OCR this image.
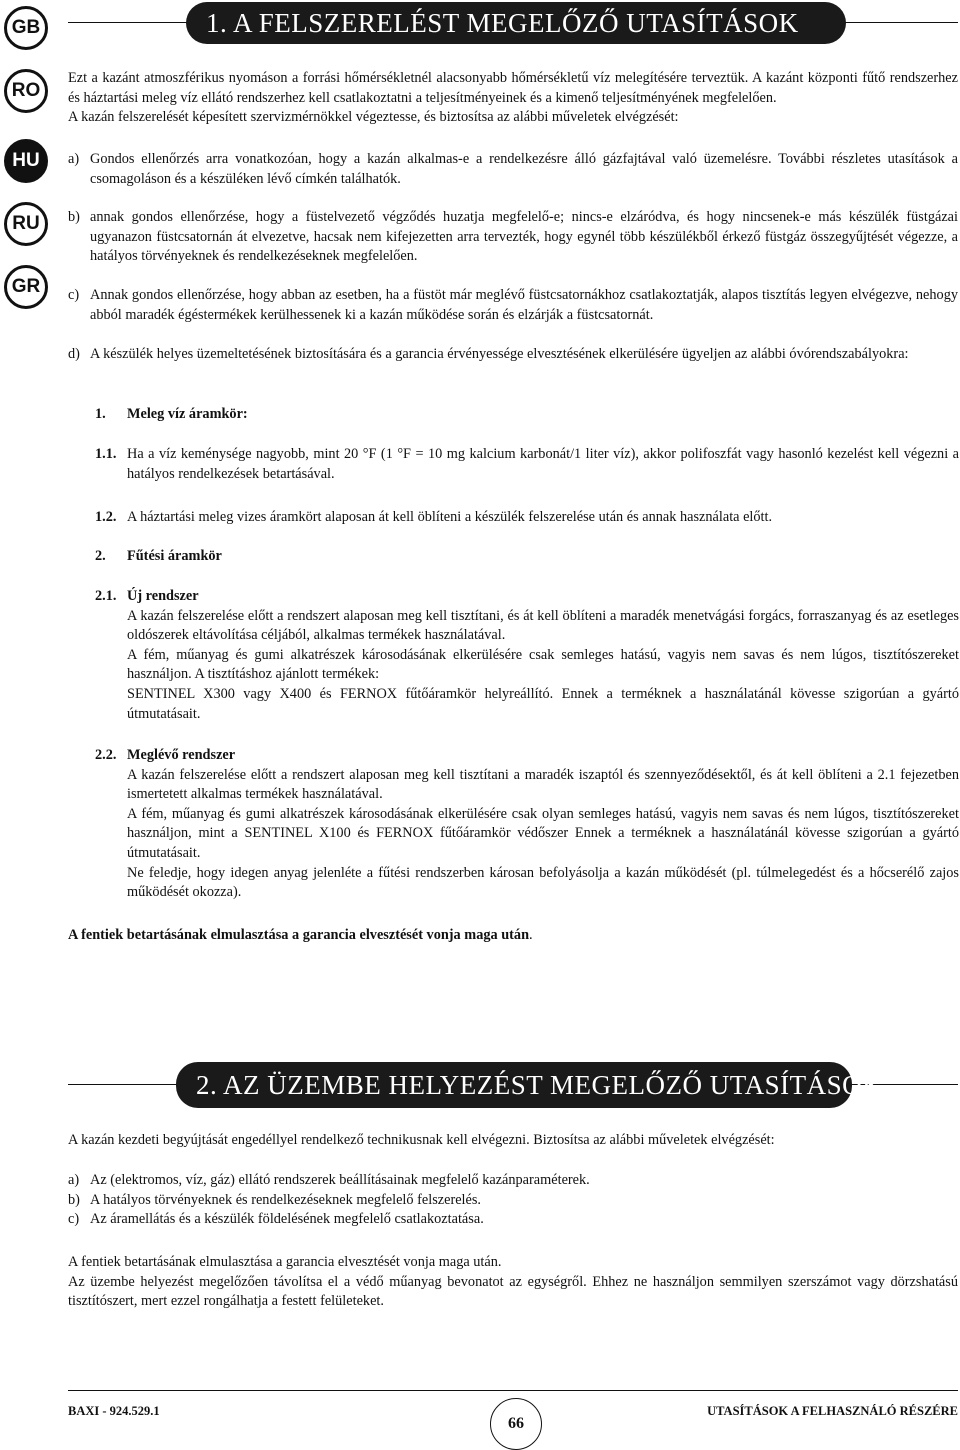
GB
RO
HU
RU
GR
1. A FELSZERELÉST MEGELŐZŐ UTASÍTÁSOK

Ezt a kazánt atmoszférikus nyomáson a forrási hőmérsékletnél alacsonyabb hőmérsékletű víz melegítésére terveztük. A kazánt központi fűtő rendszerhez és háztartási meleg víz ellátó rendszerhez kell csatlakoztatni a teljesítményeinek és a kimenő teljesítményének megfelelően.

A kazán felszerelését képesített szervizmérnökkel végeztesse, és biztosítsa az alábbi műveletek elvégzését:

a) Gondos ellenőrzés arra vonatkozóan, hogy a kazán alkalmas-e a rendelkezésre álló gázfajtával való üzemelésre. További részletes utasítások a csomagoláson és a készüléken lévő címkén találhatók.
b) annak gondos ellenőrzése, hogy a füstelvezető végződés huzatja megfelelő-e; nincs-e elzáródva, és hogy nincsenek-e más készülék füstgázai ugyanazon füstcsatornán át elvezetve, hacsak nem kifejezetten arra tervezték, hogy egynél több készülékből érkező füstgáz összegyűjtését végezze, a hatályos törvényeknek és rendelkezéseknek megfelelően.
c) Annak gondos ellenőrzése, hogy abban az esetben, ha a füstöt már meglévő füstcsatornákhoz csatlakoztatják, alapos tisztítás legyen elvégezve, nehogy abból maradék égéstermékek kerülhessenek ki a kazán működése során és elzárják a füstcsatornát.
d) A készülék helyes üzemeltetésének biztosítására és a garancia érvényessége elvesztésének elkerülésére ügyeljen az alábbi óvórendszabályokra:
1. Meleg víz áramkör:
1.1. Ha a víz keménysége nagyobb, mint 20 °F (1 °F = 10 mg kalcium karbonát/1 liter víz), akkor polifoszfát vagy hasonló kezelést kell végezni a hatályos rendelkezések betartásával.
1.2. A háztartási meleg vizes áramkört alaposan át kell öblíteni a készülék felszerelése után és annak használata előtt.
2. Fűtési áramkör
2.1. Új rendszer

A kazán felszerelése előtt a rendszert alaposan meg kell tisztítani, és át kell öblíteni a maradék menetvágási forgács, forraszanyag és az esetleges oldószerek eltávolítása céljából, alkalmas termékek használatával.

A fém, műanyag és gumi alkatrészek károsodásának elkerülésére csak semleges hatású, vagyis nem savas és nem lúgos, tisztítószereket használjon. A tisztításhoz ajánlott termékek:

SENTINEL X300 vagy X400 és FERNOX fűtőáramkör helyreállító. Ennek a terméknek a használatánál kövesse szigorúan a gyártó útmutatásait.

2.2. Meglévő rendszer

A kazán felszerelése előtt a rendszert alaposan meg kell tisztítani a maradék iszaptól és szennyeződésektől, és át kell öblíteni a 2.1 fejezetben ismertetett alkalmas termékek használatával.

A fém, műanyag és gumi alkatrészek károsodásának elkerülésére csak olyan semleges hatású, vagyis nem savas és nem lúgos, tisztítószereket használjon, mint a SENTINEL X100 és FERNOX fűtőáramkör védőszer Ennek a terméknek a használatánál kövesse szigorúan a gyártó útmutatásait.

Ne feledje, hogy idegen anyag jelenléte a fűtési rendszerben károsan befolyásolja a kazán működését (pl. túlmelegedést és a hőcserélő zajos működését okozza).

A fentiek betartásának elmulasztása a garancia elvesztését vonja maga után.
2. AZ ÜZEMBE HELYEZÉST MEGELŐZŐ UTASÍTÁSOK

A kazán kezdeti begyújtását engedéllyel rendelkező technikusnak kell elvégezni. Biztosítsa az alábbi műveletek elvégzését:

a) Az (elektromos, víz, gáz) ellátó rendszerek beállításainak megfelelő kazánparaméterek.
b) A hatályos törvényeknek és rendelkezéseknek megfelelő felszerelés.
c) Az áramellátás és a készülék földelésének megfelelő csatlakoztatása.

A fentiek betartásának elmulasztása a garancia elvesztését vonja maga után.

Az üzembe helyezést megelőzően távolítsa el a védő műanyag bevonatot az egységről. Ehhez ne használjon semmilyen szerszámot vagy dörzshatású tisztítószert, mert ezzel rongálhatja a festett felületeket.

BAXI - 924.529.1
66
UTASÍTÁSOK A FELHASZNÁLÓ RÉSZÉRE
